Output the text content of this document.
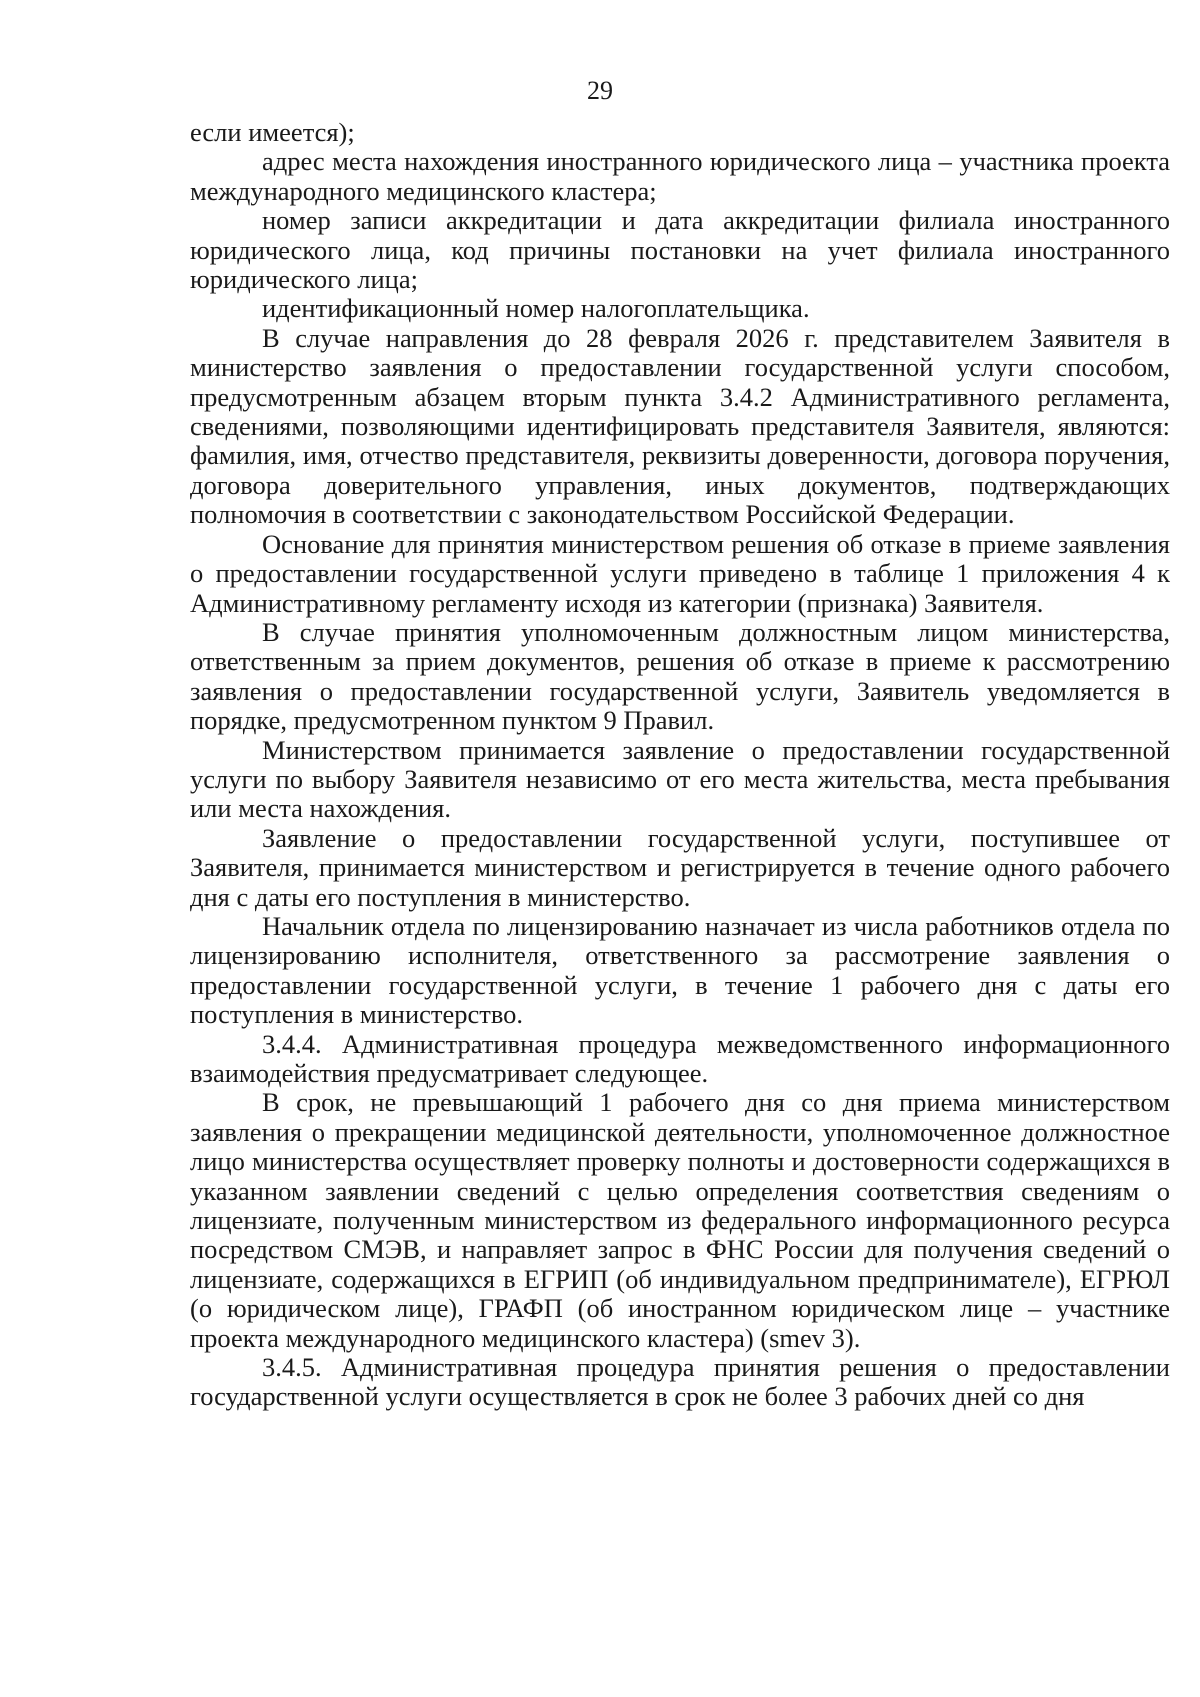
29

если имеется);

адрес места нахождения иностранного юридического лица – участника проекта международного медицинского кластера;

номер записи аккредитации и дата аккредитации филиала иностранного юридического лица, код причины постановки на учет филиала иностранного юридического лица;

идентификационный номер налогоплательщика.

В случае направления до 28 февраля 2026 г. представителем Заявителя в министерство заявления о предоставлении государственной услуги способом, предусмотренным абзацем вторым пункта 3.4.2 Административного регламента, сведениями, позволяющими идентифицировать представителя Заявителя, являются: фамилия, имя, отчество представителя, реквизиты доверенности, договора поручения, договора доверительного управления, иных документов, подтверждающих полномочия в соответствии с законодательством Российской Федерации.

Основание для принятия министерством решения об отказе в приеме заявления о предоставлении государственной услуги приведено в таблице 1 приложения 4 к Административному регламенту исходя из категории (признака) Заявителя.

В случае принятия уполномоченным должностным лицом министерства, ответственным за прием документов, решения об отказе в приеме к рассмотрению заявления о предоставлении государственной услуги, Заявитель уведомляется в порядке, предусмотренном пунктом 9 Правил.

Министерством принимается заявление о предоставлении государственной услуги по выбору Заявителя независимо от его места жительства, места пребывания или места нахождения.

Заявление о предоставлении государственной услуги, поступившее от Заявителя, принимается министерством и регистрируется в течение одного рабочего дня с даты его поступления в министерство.

Начальник отдела по лицензированию назначает из числа работников отдела по лицензированию исполнителя, ответственного за рассмотрение заявления о предоставлении государственной услуги, в течение 1 рабочего дня с даты его поступления в министерство.

3.4.4. Административная процедура межведомственного информационного взаимодействия предусматривает следующее.

В срок, не превышающий 1 рабочего дня со дня приема министерством заявления о прекращении медицинской деятельности, уполномоченное должностное лицо министерства осуществляет проверку полноты и достоверности содержащихся в указанном заявлении сведений с целью определения соответствия сведениям о лицензиате, полученным министерством из федерального информационного ресурса посредством СМЭВ, и направляет запрос в ФНС России для получения сведений о лицензиате, содержащихся в ЕГРИП (об индивидуальном предпринимателе), ЕГРЮЛ (о юридическом лице), ГРАФП (об иностранном юридическом лице – участнике проекта международного медицинского кластера) (smev 3).

3.4.5. Административная процедура принятия решения о предоставлении государственной услуги осуществляется в срок не более 3 рабочих дней со дня
